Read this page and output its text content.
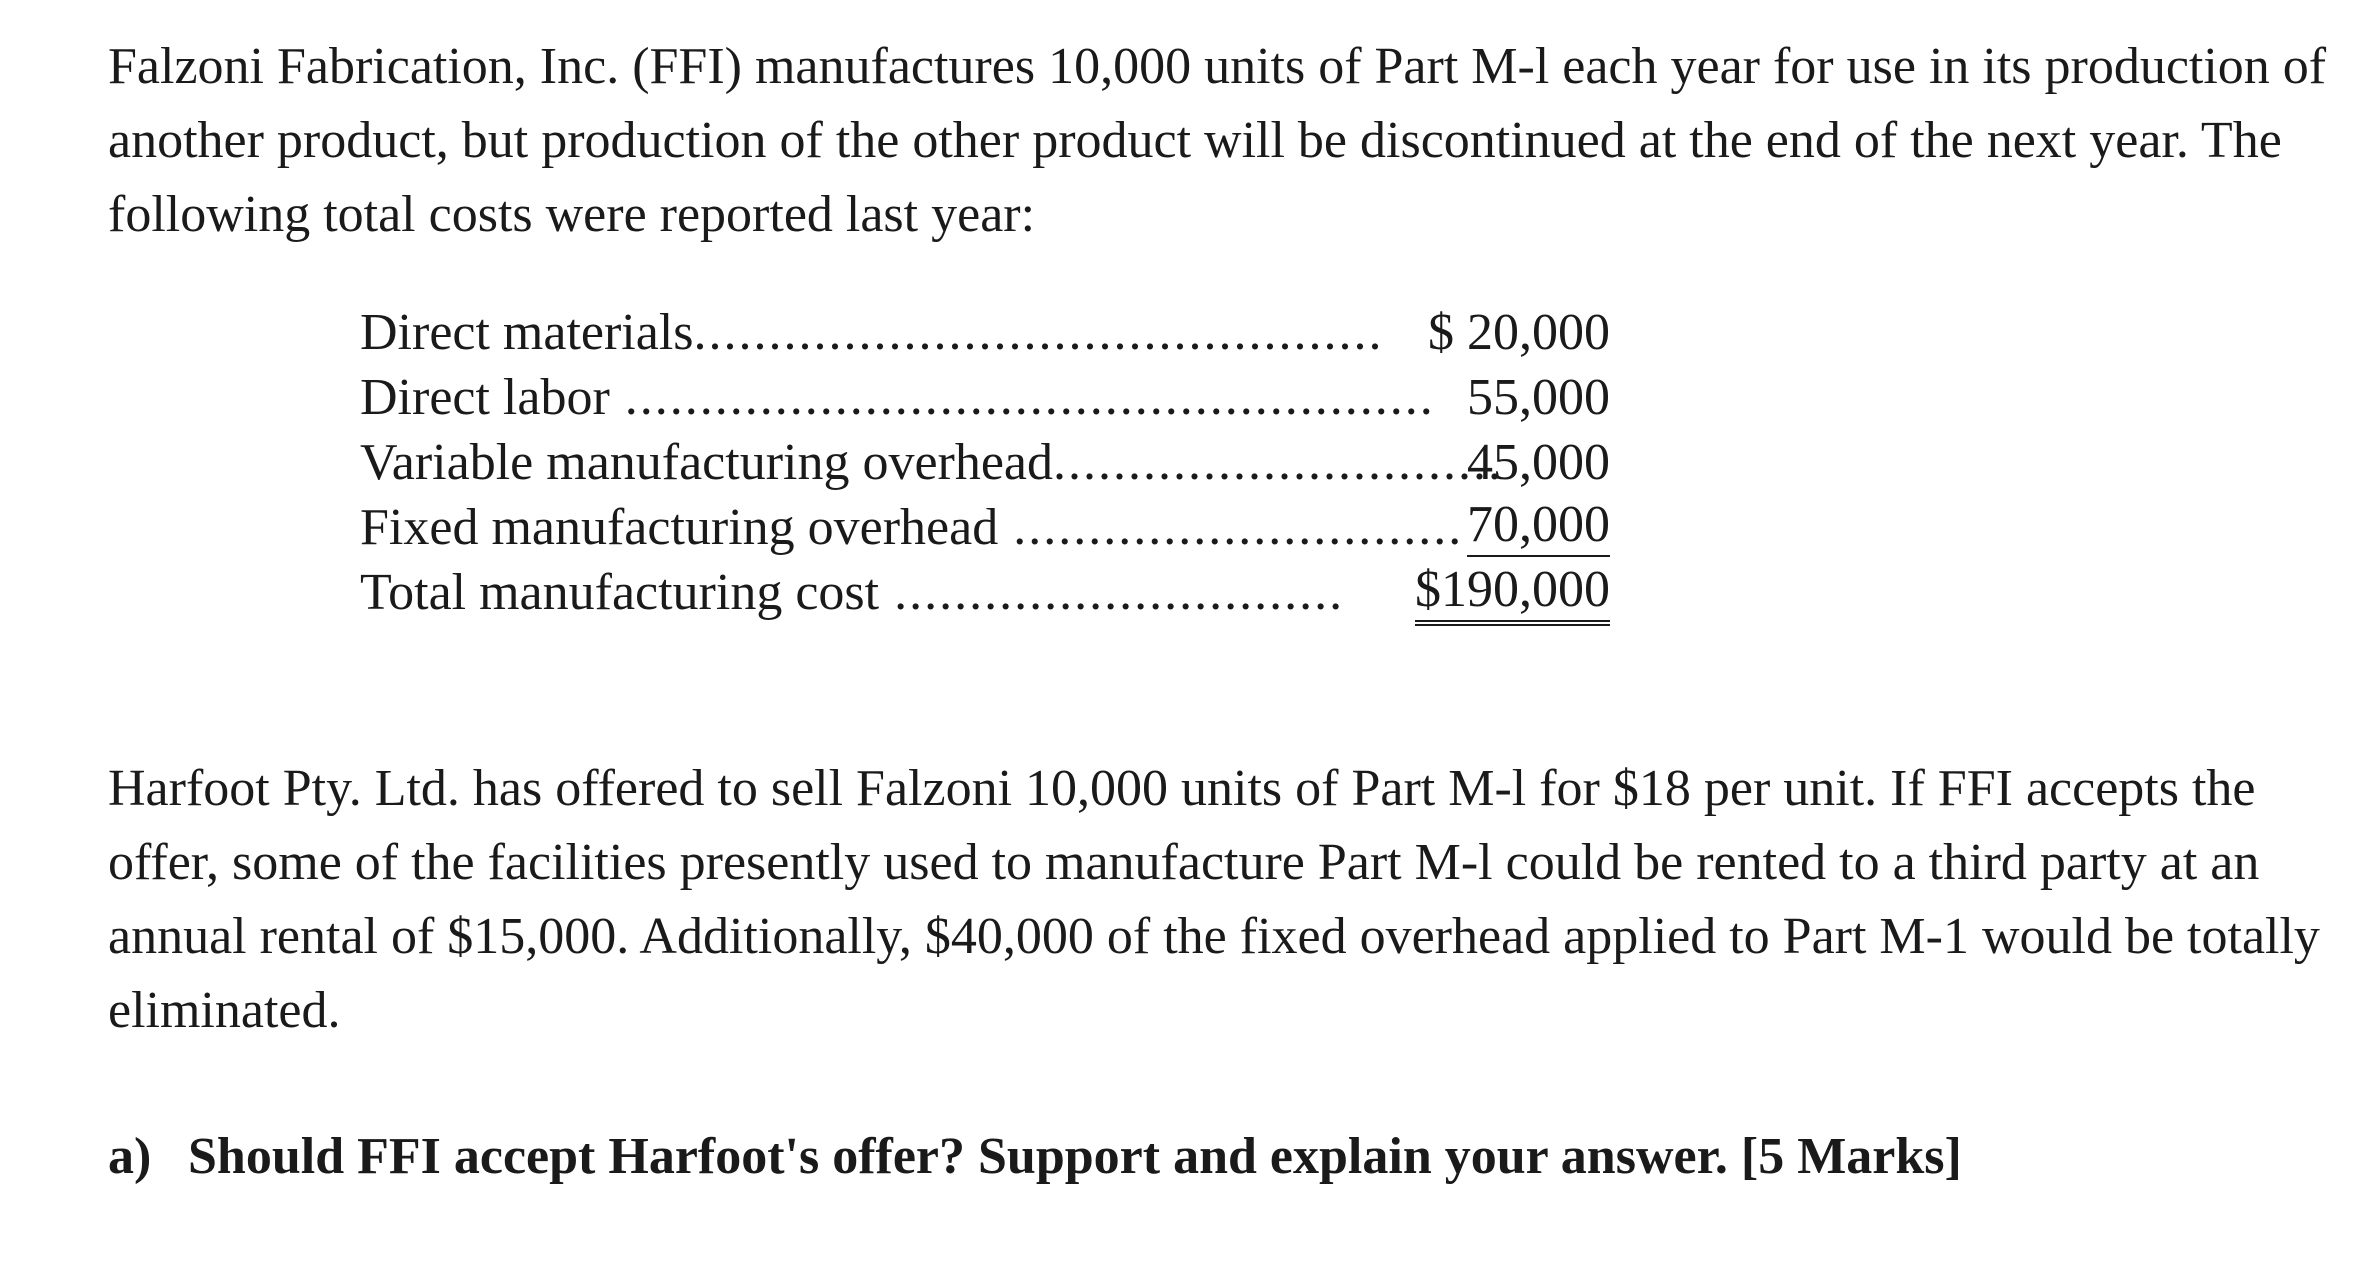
Falzoni Fabrication, Inc. (FFI) manufactures 10,000 units of Part M-l each year for use in its production of another product, but production of the other product will be discontinued at the end of the next year. The following total costs were reported last year:

Direct materials.............................................. $ 20,000
Direct labor ...................................................... 55,000
Variable manufacturing overhead..............................
45,000
Fixed manufacturing overhead .............................. 70,000
Total manufacturing cost .............................. $190,000

Harfoot Pty. Ltd. has offered to sell Falzoni 10,000 units of Part M-l for $18 per unit. If FFI accepts the offer, some of the facilities presently used to manufacture Part M-l could be rented to a third party at an annual rental of $15,000. Additionally, $40,000 of the fixed overhead applied to Part M-1 would be totally eliminated.

a) Should FFI accept Harfoot's offer? Support and explain your answer. [5 Marks]
